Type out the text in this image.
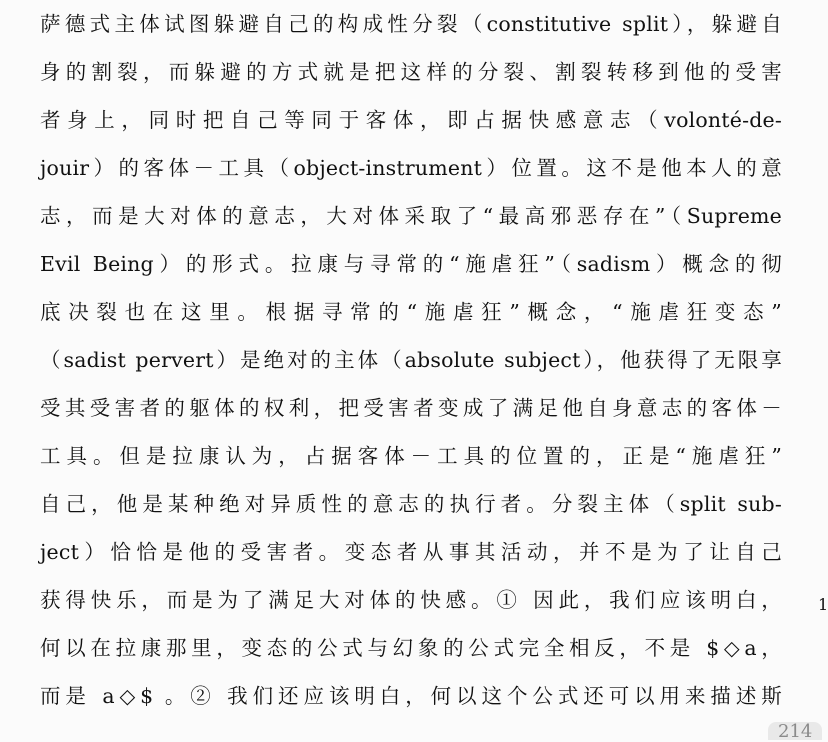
萨德式主体试图躲避自己的构成性分裂（constitutive split），躲避自
身的割裂，而躲避的方式就是把这样的分裂、割裂转移到他的受害
者身上，同时把自己等同于客体，即占据快感意志（volonté-de-
jouir）的客体－工具（object-instrument）位置。这不是他本人的意
志，而是大对体的意志，大对体采取了“最高邪恶存在”（Supreme
Evil Being）的形式。拉康与寻常的“施虐狂”（sadism）概念的彻
底决裂也在这里。根据寻常的“施虐狂”概念，“施虐狂变态”
（sadist pervert）是绝对的主体（absolute subject），他获得了无限享
受其受害者的躯体的权利，把受害者变成了满足他自身意志的客体－
工具。但是拉康认为，占据客体－工具的位置的，正是“施虐狂”
自己，他是某种绝对异质性的意志的执行者。分裂主体（split sub-
ject）恰恰是他的受害者。变态者从事其活动，并不是为了让自己
获得快乐，而是为了满足大对体的快感。① 因此，我们应该明白，
何以在拉康那里，变态的公式与幻象的公式完全相反，不是 $◇a，
而是 a◇$ 。② 我们还应该明白，何以这个公式还可以用来描述斯
1
214
